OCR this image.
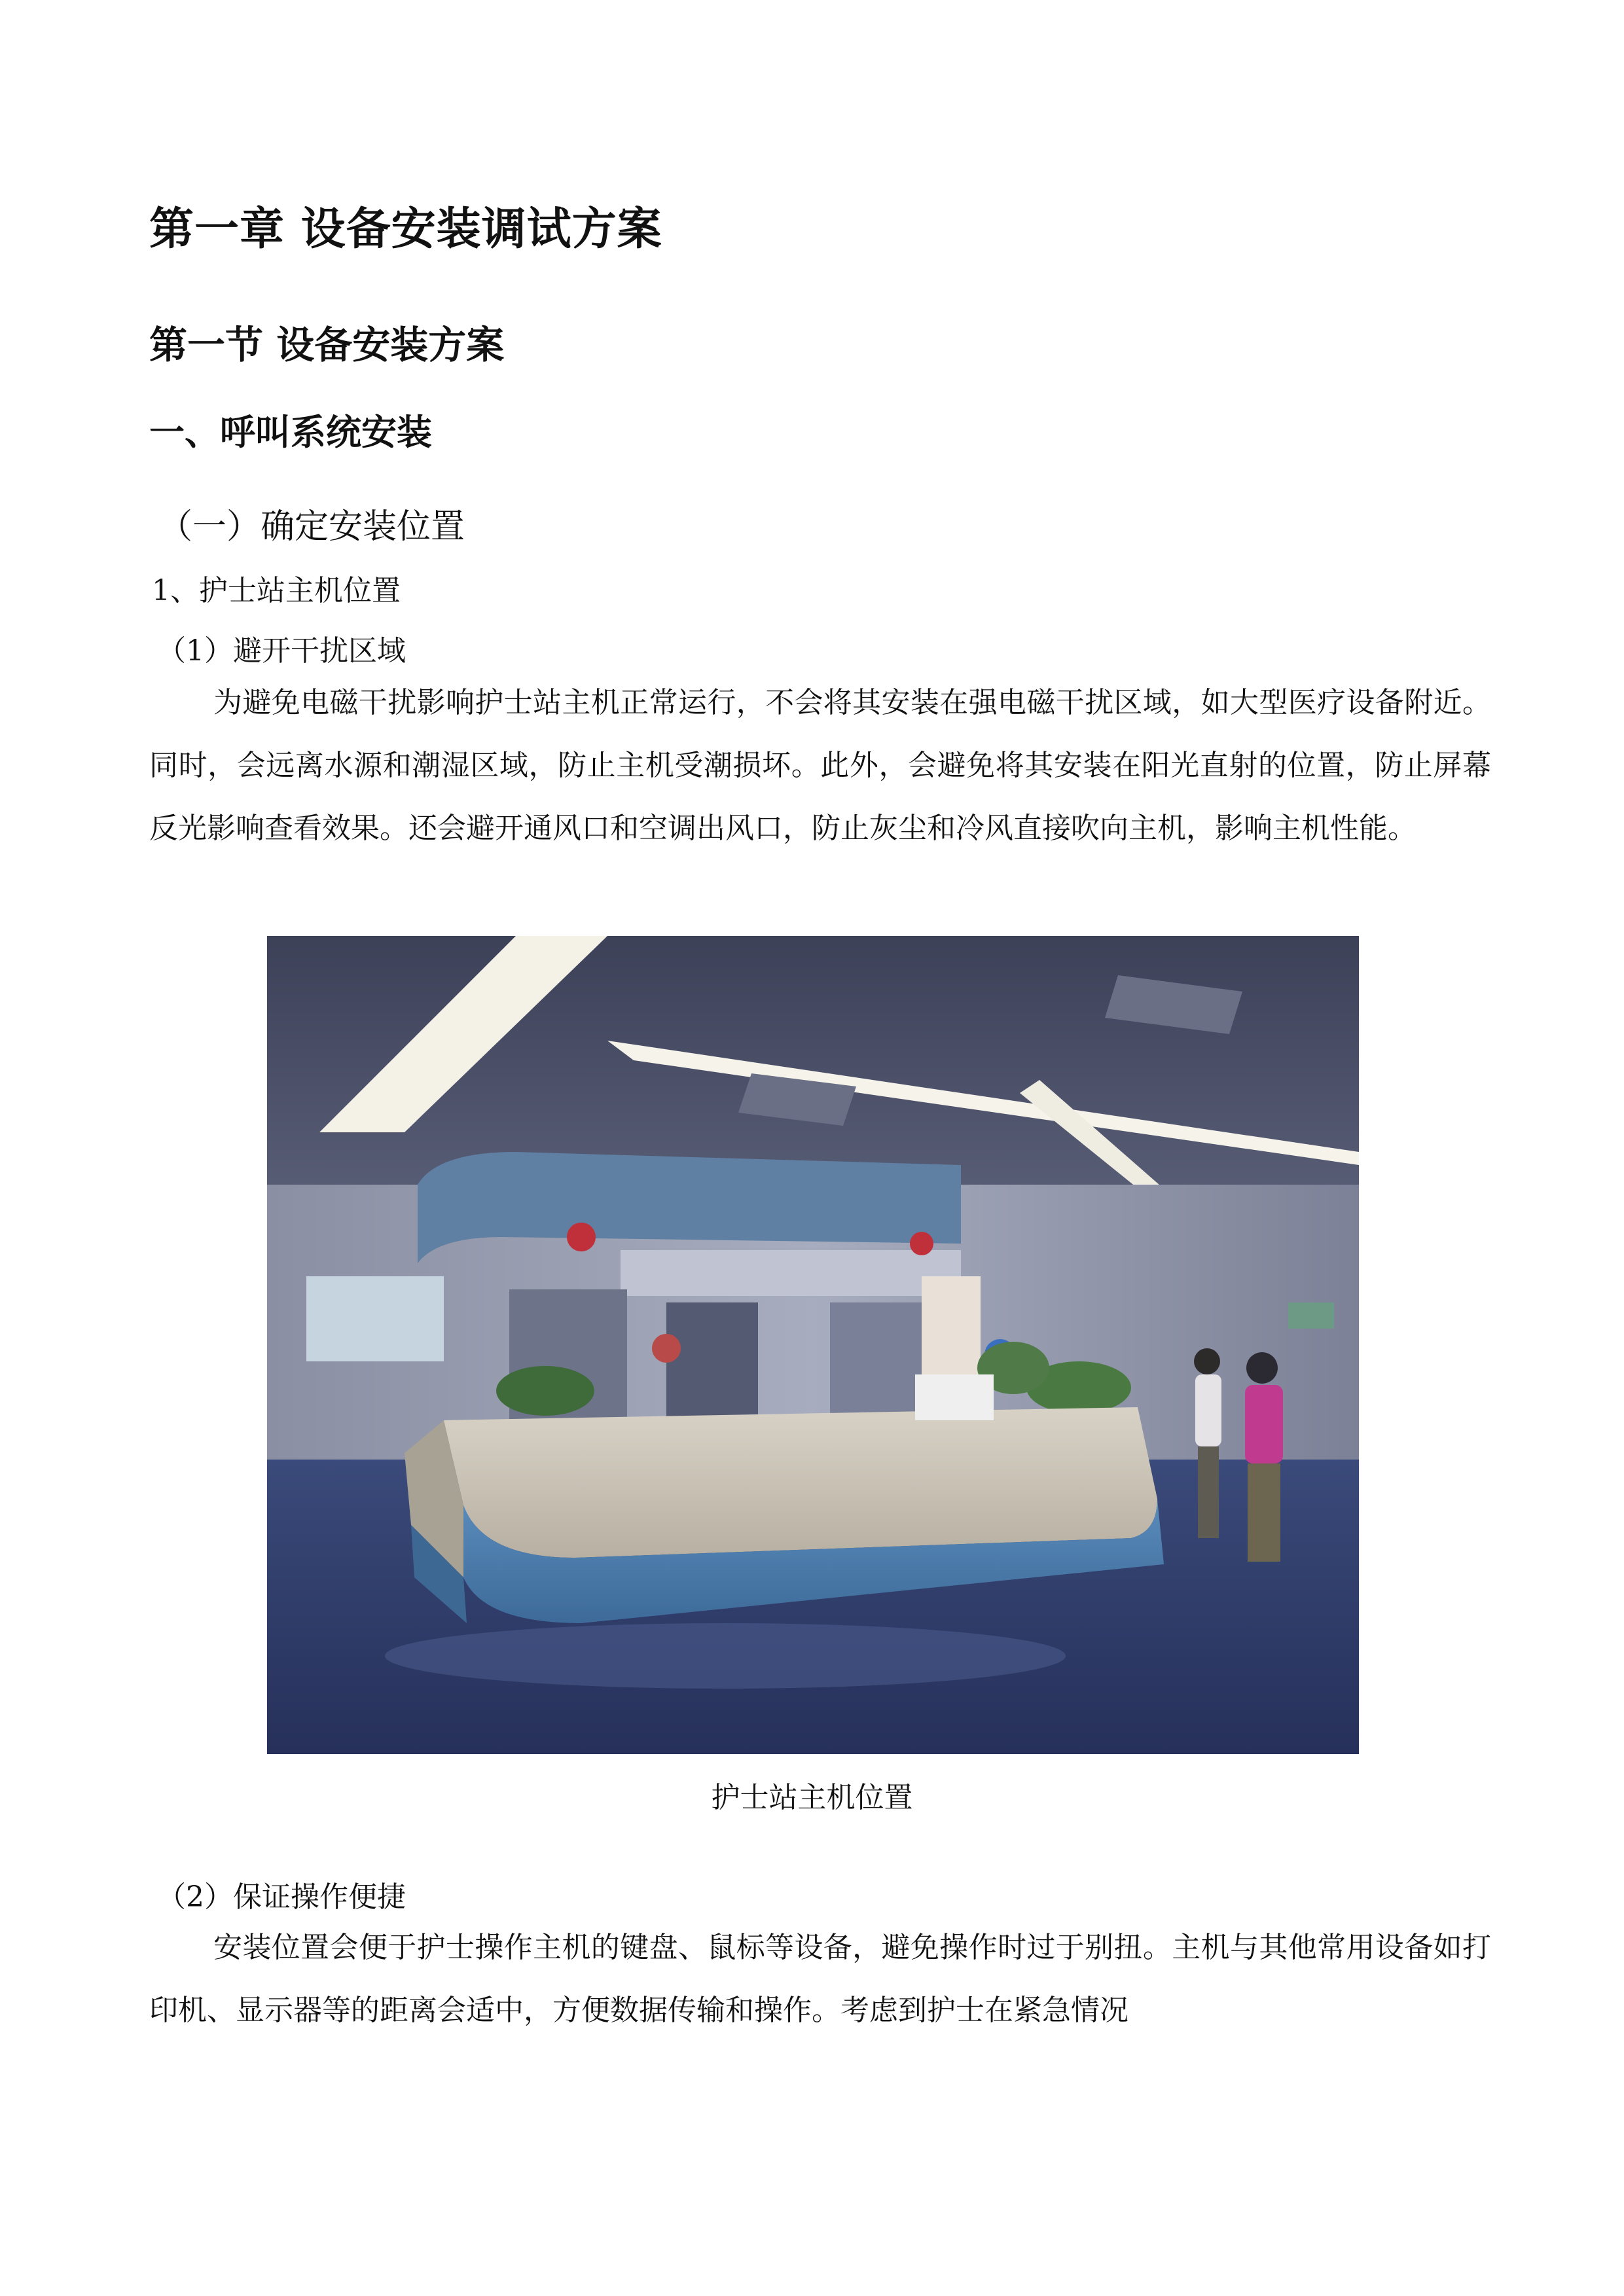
第一章 设备安装调试方案
第一节 设备安装方案
一、呼叫系统安装

（一）确定安装位置

1、护士站主机位置

（1）避开干扰区域

为避免电磁干扰影响护士站主机正常运行，不会将其安装在强电磁干扰区域，如大型医疗设备附近。同时，会远离水源和潮湿区域，防止主机受潮损坏。此外，会避免将其安装在阳光直射的位置，防止屏幕反光影响查看效果。还会避开通风口和空调出风口，防止灰尘和冷风直接吹向主机，影响主机性能。

护士站主机位置

（2）保证操作便捷

安装位置会便于护士操作主机的键盘、鼠标等设备，避免操作时过于别扭。主机与其他常用设备如打印机、显示器等的距离会适中，方便数据传输和操作。考虑到护士在紧急情况
